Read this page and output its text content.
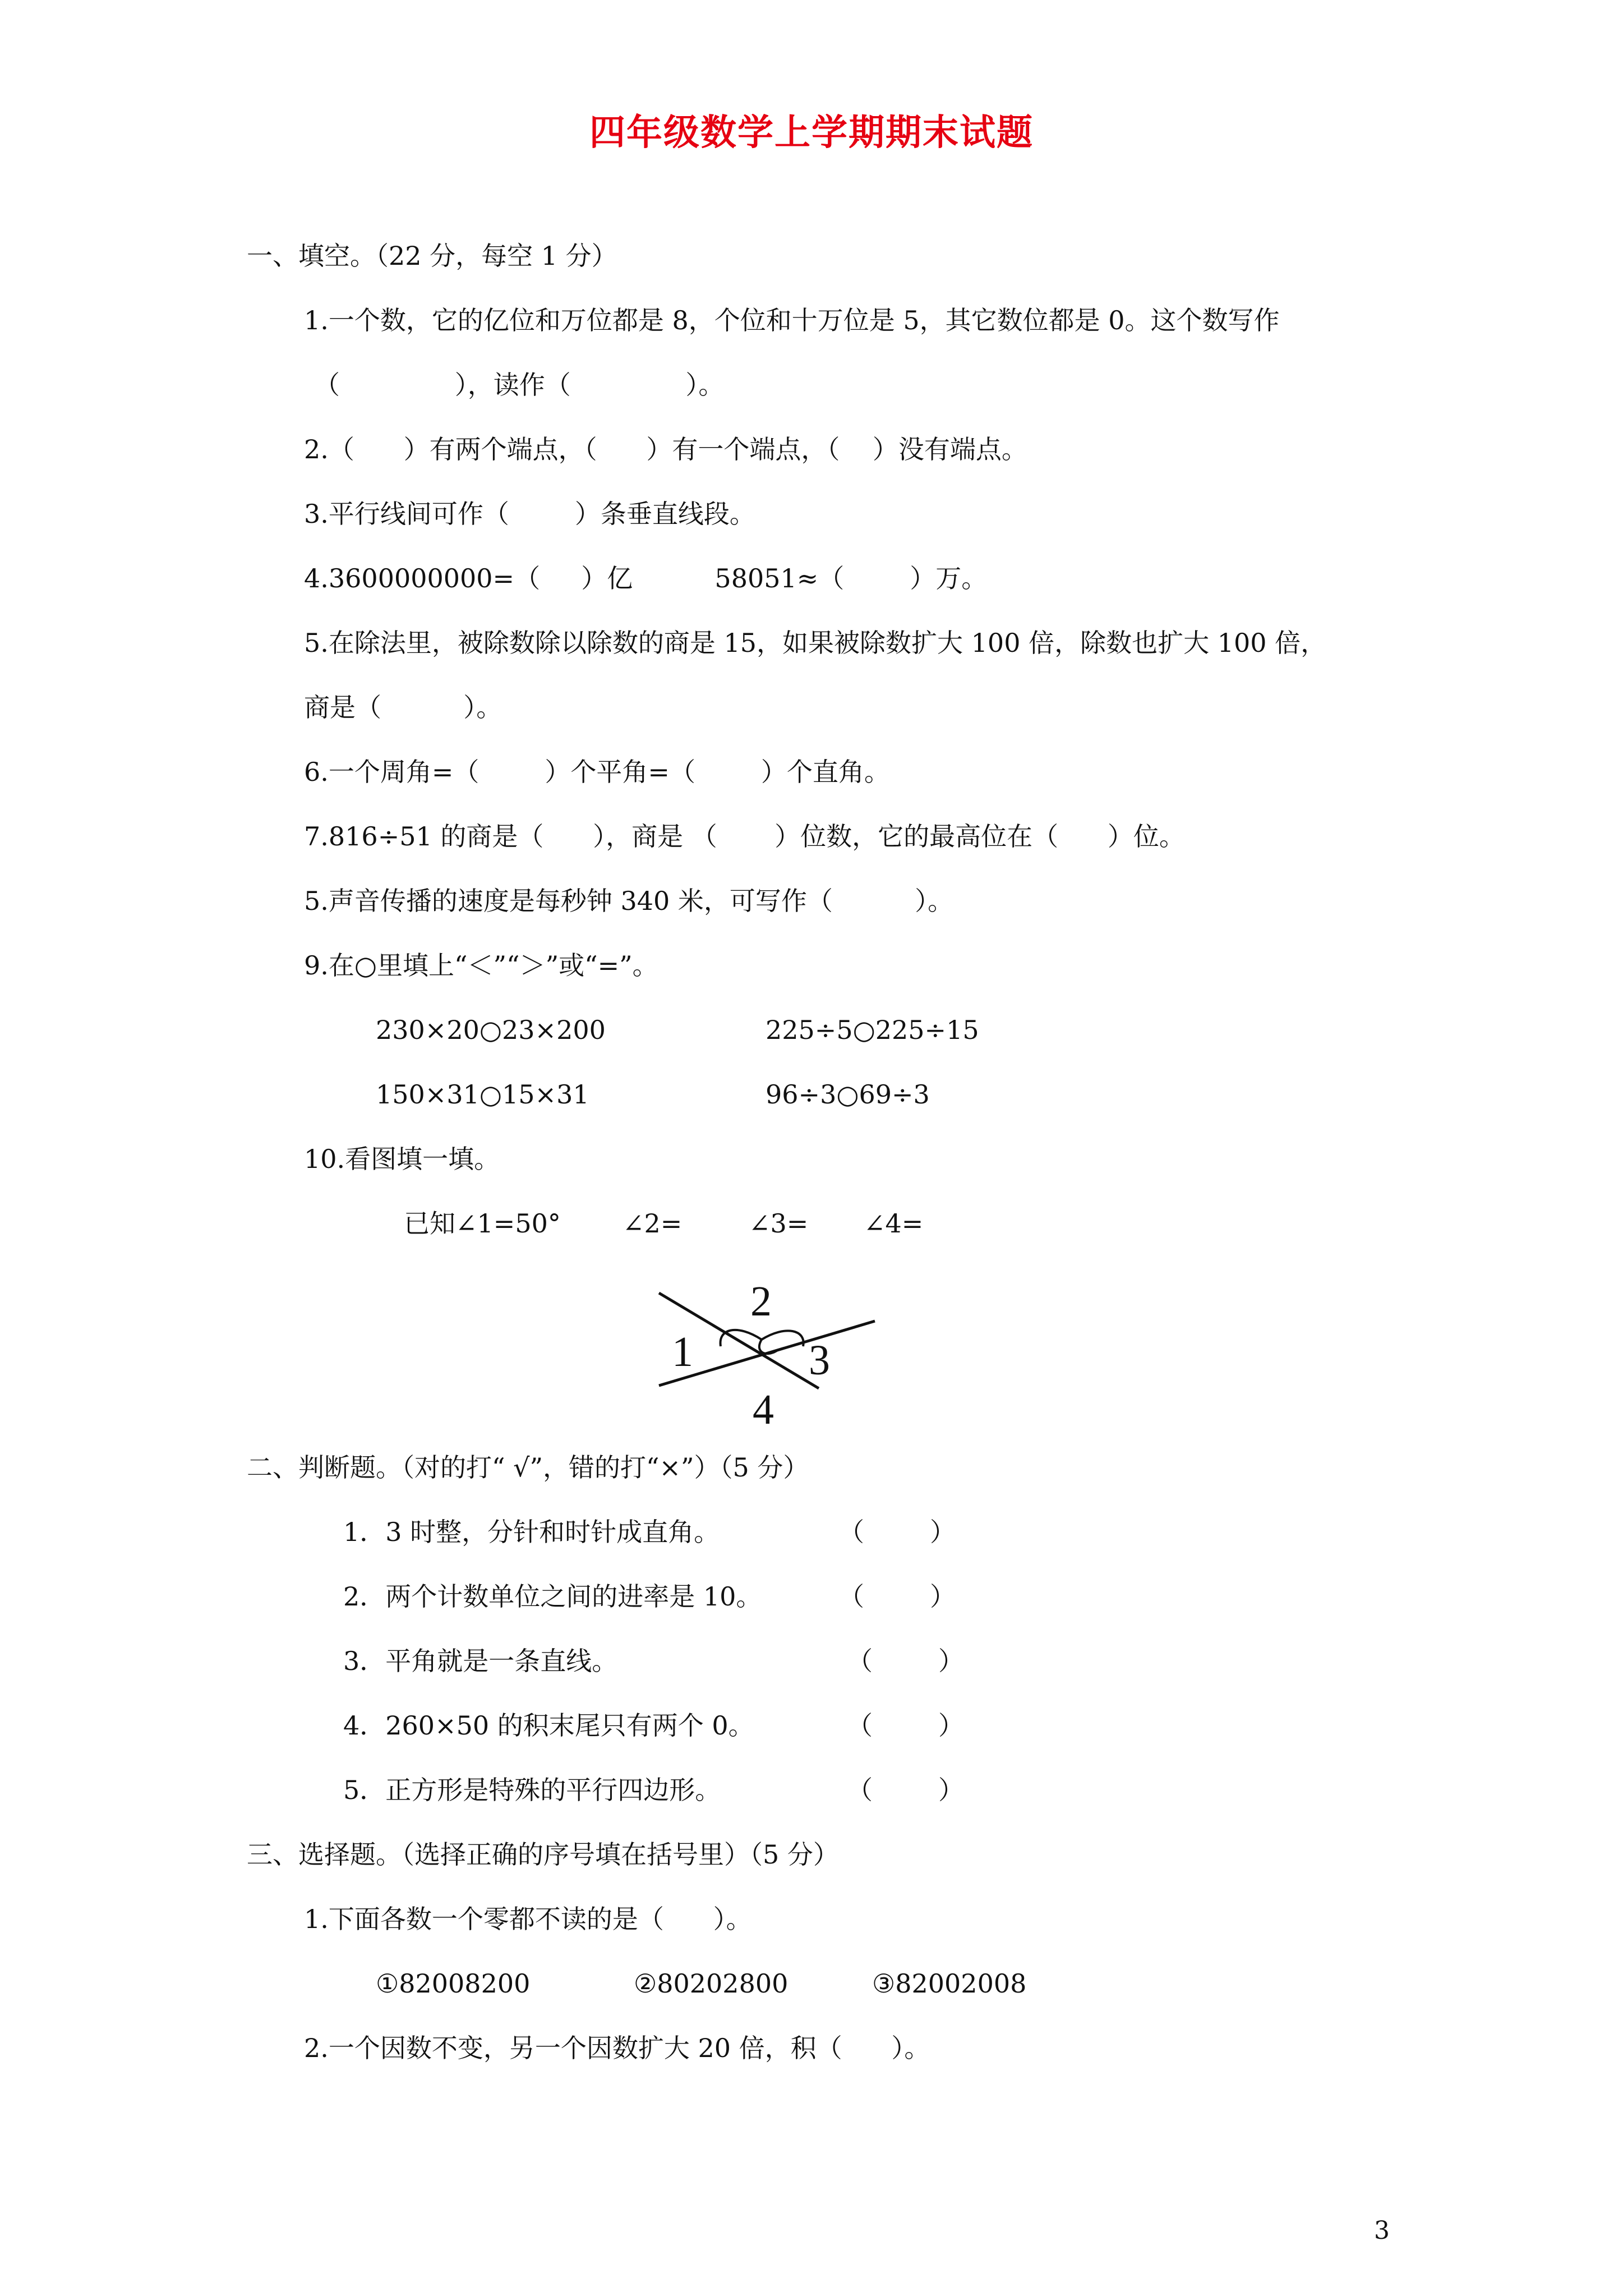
四年级数学上学期期末试题
一、填空。（22 分，每空 1 分）
1.一个数，它的亿位和万位都是 8，个位和十万位是 5，其它数位都是 0。这个数写作
（              ），读作（              ）。
2.（      ）有两个端点，（      ）有一个端点，（    ）没有端点。
3.平行线间可作（        ）条垂直线段。
4.3600000000=（     ）亿          58051≈（        ）万。
5.在除法里，被除数除以除数的商是 15，如果被除数扩大 100 倍，除数也扩大 100 倍，
商是（          ）。
6.一个周角=（        ）个平角=（        ）个直角。
7.816÷51 的商是（      ），商是 （       ）位数，它的最高位在（      ）位。
5.声音传播的速度是每秒钟 340 米，可写作（          ）。
9.在○里填上“＜”“＞”或“=”。
230×20○23×200	225÷5○225÷15
150×31○15×31	96÷3○69÷3
10.看图填一填。
已知∠1=50° ∠2=	∠3= ∠4=
1
2
3
4
二、判断题。（对的打“ √”，错的打“×”）（5 分）
1．3 时整，分针和时针成直角。	（        ）
2．两个计数单位之间的进率是 10。	（        ）
3．平角就是一条直线。	（        ）
4．260×50 的积末尾只有两个 0。	（        ）
5．正方形是特殊的平行四边形。	（        ）
三、选择题。（选择正确的序号填在括号里）（5 分）
1.下面各数一个零都不读的是（      ）。
①82008200	②80202800	③82002008
2.一个因数不变，另一个因数扩大 20 倍，积（      ）。
3
